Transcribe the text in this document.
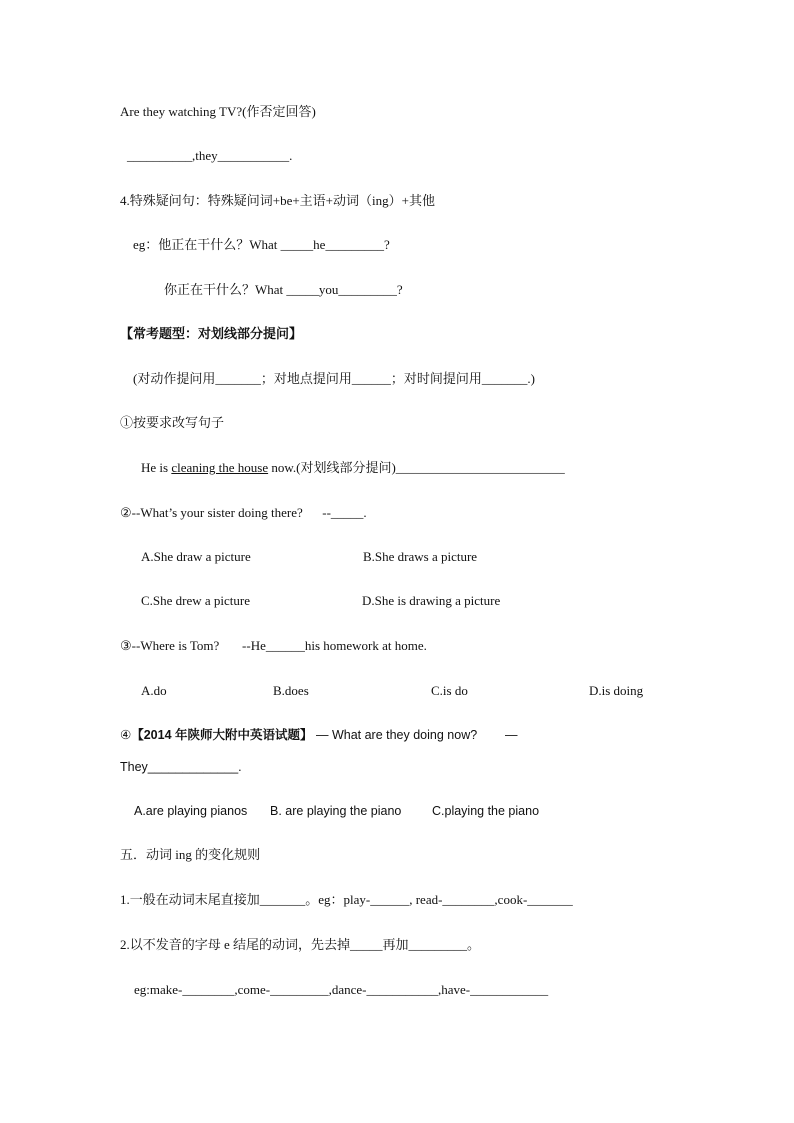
Are they watching TV?(作否定回答)
__________,they___________.
4.特殊疑问句：特殊疑问词+be+主语+动词（ing）+其他
eg：他正在干什么？What _____he_________?
你正在干什么？What _____you_________?
【常考题型：对划线部分提问】
(对动作提问用_______；对地点提问用______；对时间提问用_______.)
①按要求改写句子
He is cleaning the house now.(对划线部分提问)__________________________
②--What’s your sister doing there?      --_____.
A.She draw a picture	B.She draws a picture
C.She drew a picture	D.She is drawing a picture
③--Where is Tom?       --He______his homework at home.
A.do	B.does	C.is do	D.is doing
④【2014 年陕师大附中英语试题】 — What are they doing now?        —
They_____________.
A.are playing pianos B. are playing the piano C.playing the piano
五．动词 ing 的变化规则
1.一般在动词末尾直接加_______。eg：play-______, read-________,cook-_______
2.以不发音的字母 e 结尾的动词，先去掉_____再加_________。
eg:make-________,come-_________,dance-___________,have-____________
